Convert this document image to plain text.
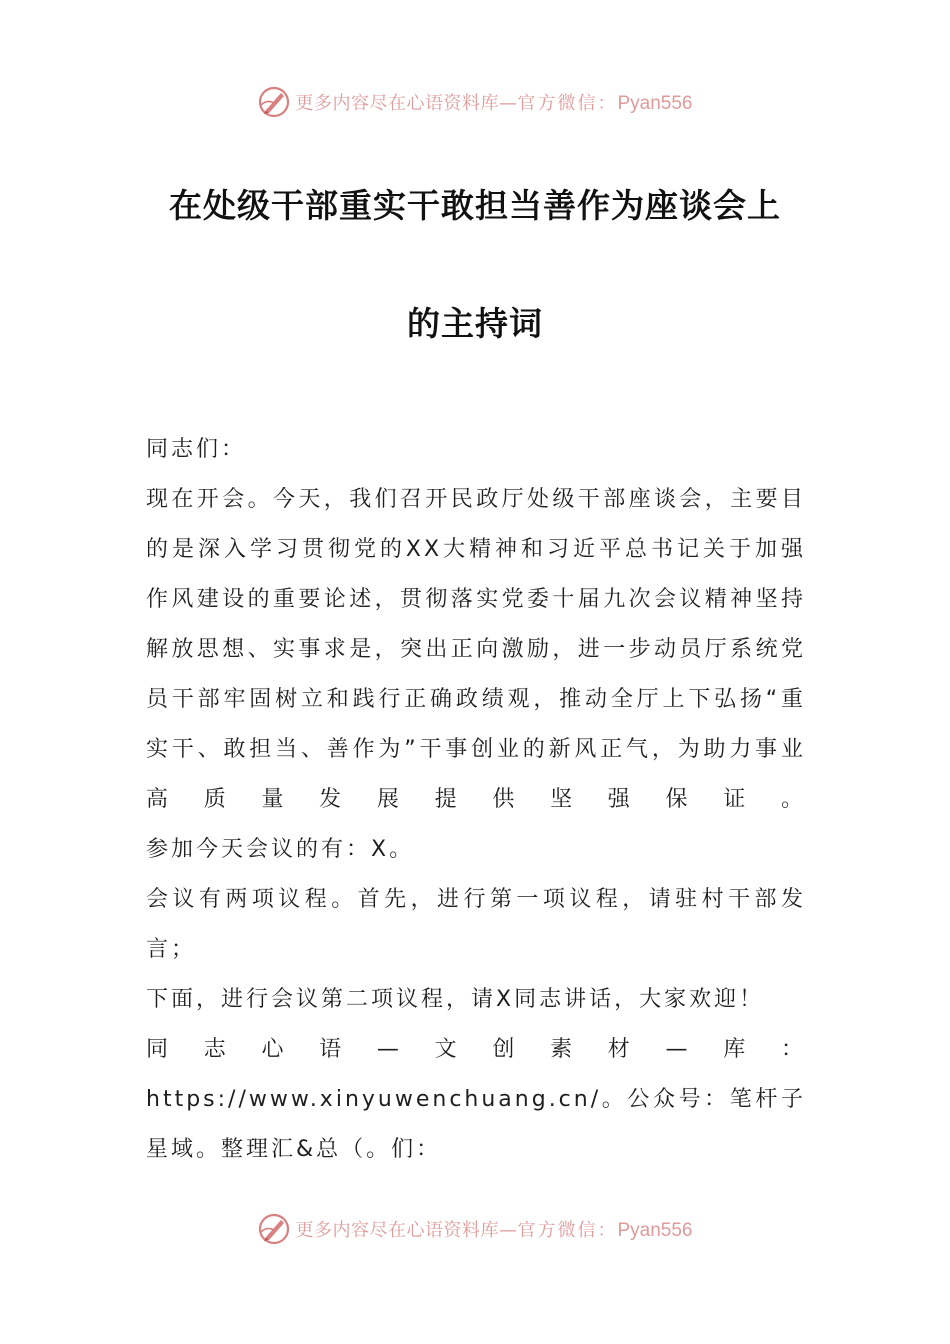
更多内容尽在心语资料库—官方微信：Pyan556
在处级干部重实干敢担当善作为座谈会上
的主持词

同志们：

现在开会。今天，我们召开民政厅处级干部座谈会，主要目的是深入学习贯彻党的XX大精神和习近平总书记关于加强作风建设的重要论述，贯彻落实党委十届九次会议精神坚持解放思想、实事求是，突出正向激励，进一步动员厅系统党员干部牢固树立和践行正确政绩观，推动全厅上下弘扬“重实干、敢担当、善作为”干事创业的新风正气，为助力事业高质量发展提供坚强保证。

参加今天会议的有：X。

会议有两项议程。首先，进行第一项议程，请驻村干部发言；

下面，进行会议第二项议程，请X同志讲话，大家欢迎！

同志心语—文创素材—库：https://www.xinyuwenchuang.cn/。公众号：笔杆子星域。整理汇&总（。们：

更多内容尽在心语资料库—官方微信：Pyan556
